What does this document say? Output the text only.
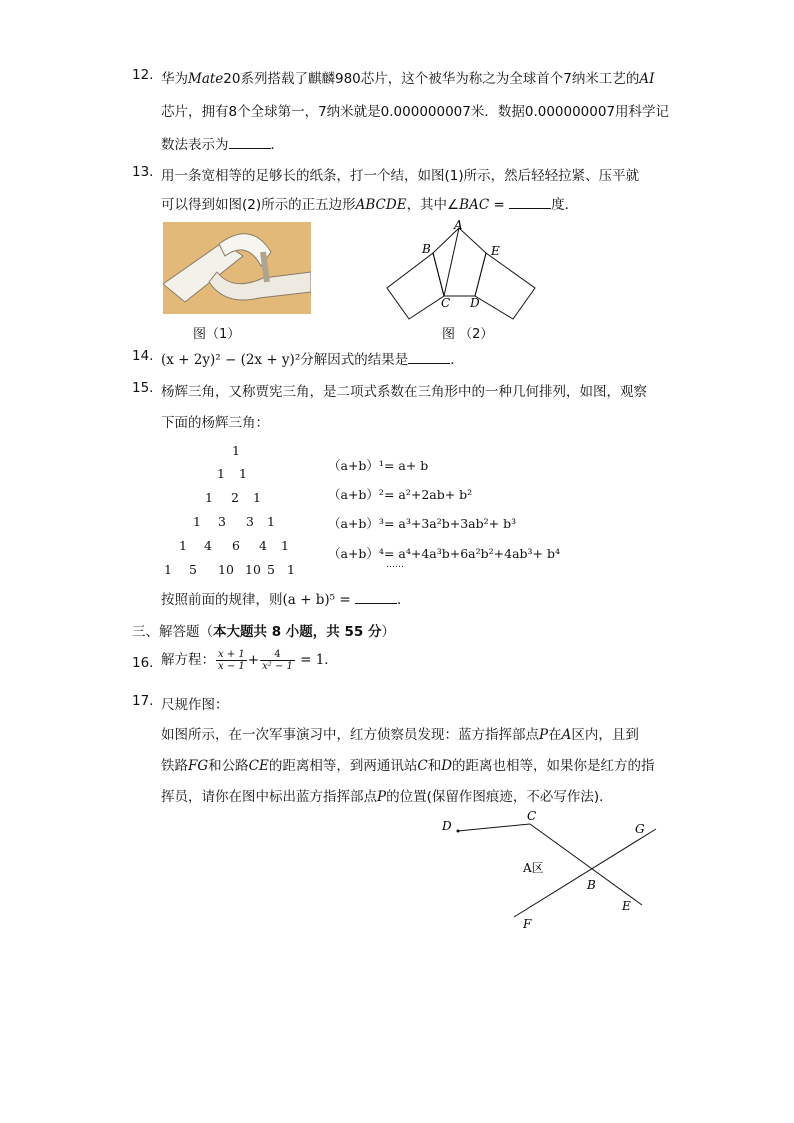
12. 华为Mate20系列搭载了麒麟980芯片，这个被华为称之为全球首个7纳米工艺的AI
芯片，拥有8个全球第一，7纳米就是0.000000007米．数据0.000000007用科学记
数法表示为	．
13. 用一条宽相等的足够长的纸条，打一个结，如图(1)所示，然后轻轻拉紧、压平就
可以得到如图(2)所示的正五边形ABCDE，其中∠BAC =	度．
图（1）
A
B
C D
E
图 （2）
14. (x + 2y)² − (2x + y)²分解因式的结果是	．
15. 杨辉三角，又称贾宪三角，是二项式系数在三角形中的一种几何排列，如图，观察
下面的杨辉三角：
1
1 1
1 2 1
1 3 3 1
1 4 6 4 1
1 5 10 10 5 1
（a+b）¹= a+ b
（a+b）²= a²+2ab+ b²
（a+b）³= a³+3a²b+3ab²+ b³
（a+b）⁴= a⁴+4a³b+6a²b²+4ab³+ b⁴
……
按照前面的规律，则(a + b)⁵ =	．
三、解答题（本大题共 8 小题，共 55 分）
16. 解方程： $\frac{x + 1}{x - 1} + \frac{4}{\text{x² − 1}} = 1$．
17. 尺规作图：
如图所示，在一次军事演习中，红方侦察员发现：蓝方指挥部点P在A区内，且到
铁路FG和公路CE的距离相等，到两通讯站C和D的距离也相等，如果你是红方的指
挥员，请你在图中标出蓝方指挥部点P的位置(保留作图痕迹，不必写作法)．
D
C
G
A区
B
E
F
